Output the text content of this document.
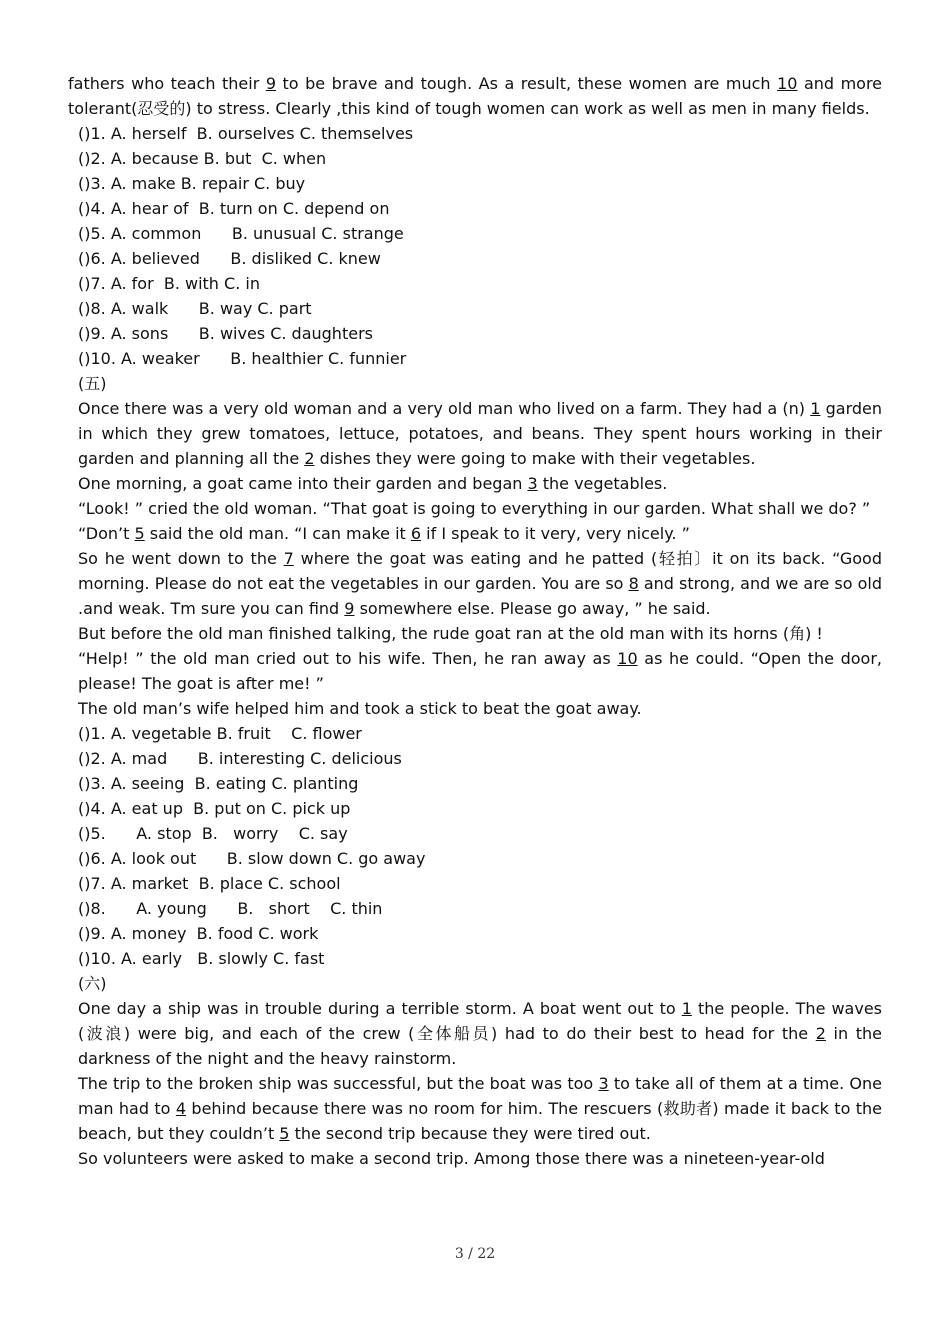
fathers who teach their 9 to be brave and tough. As a result, these women are much 10 and more tolerant(忍受的) to stress. Clearly ,this kind of tough women can work as well as men in many fields.
()1. A. herself  B. ourselves C. themselves
()2. A. because B. but  C. when
()3. A. make B. repair C. buy
()4. A. hear of  B. turn on C. depend on
()5. A. common      B. unusual C. strange
()6. A. believed      B. disliked C. knew
()7. A. for  B. with C. in
()8. A. walk      B. way C. part
()9. A. sons      B. wives C. daughters
()10. A. weaker      B. healthier C. funnier
(五)
Once there was a very old woman and a very old man who lived on a farm. They had a (n) 1 garden in which they grew tomatoes, lettuce, potatoes, and beans. They spent hours working in their garden and planning all the 2 dishes they were going to make with their vegetables.
One morning, a goat came into their garden and began 3 the vegetables.
“Look! ” cried the old woman. “That goat is going to everything in our garden. What shall we do? ”
“Don’t 5 said the old man. “I can make it 6 if I speak to it very, very nicely. ”
So he went down to the 7 where the goat was eating and he patted (轻拍〕it on its back. “Good morning. Please do not eat the vegetables in our garden. You are so 8 and strong, and we are so old .and weak. Tm sure you can find 9 somewhere else. Please go away, ” he said.
But before the old man finished talking, the rude goat ran at the old man with its horns (角) !
“Help! ” the old man cried out to his wife. Then, he ran away as 10 as he could. “Open the door, please! The goat is after me! ”
The old man’s wife helped him and took a stick to beat the goat away.
()1. A. vegetable B. fruit    C. flower
()2. A. mad      B. interesting C. delicious
()3. A. seeing  B. eating C. planting
()4. A. eat up  B. put on C. pick up
()5.      A. stop  B.   worry    C. say
()6. A. look out      B. slow down C. go away
()7. A. market  B. place C. school
()8.      A. young      B.   short    C. thin
()9. A. money  B. food C. work
()10. A. early   B. slowly C. fast
(六)
One day a ship was in trouble during a terrible storm. A boat went out to 1 the people. The waves (波浪) were big, and each of the crew (全体船员) had to do their best to head for the 2 in the darkness of the night and the heavy rainstorm.
The trip to the broken ship was successful, but the boat was too 3 to take all of them at a time. One man had to 4 behind because there was no room for him. The rescuers (救助者) made it back to the beach, but they couldn’t 5 the second trip because they were tired out.
So volunteers were asked to make a second trip. Among those there was a nineteen-year-old
3 / 22
